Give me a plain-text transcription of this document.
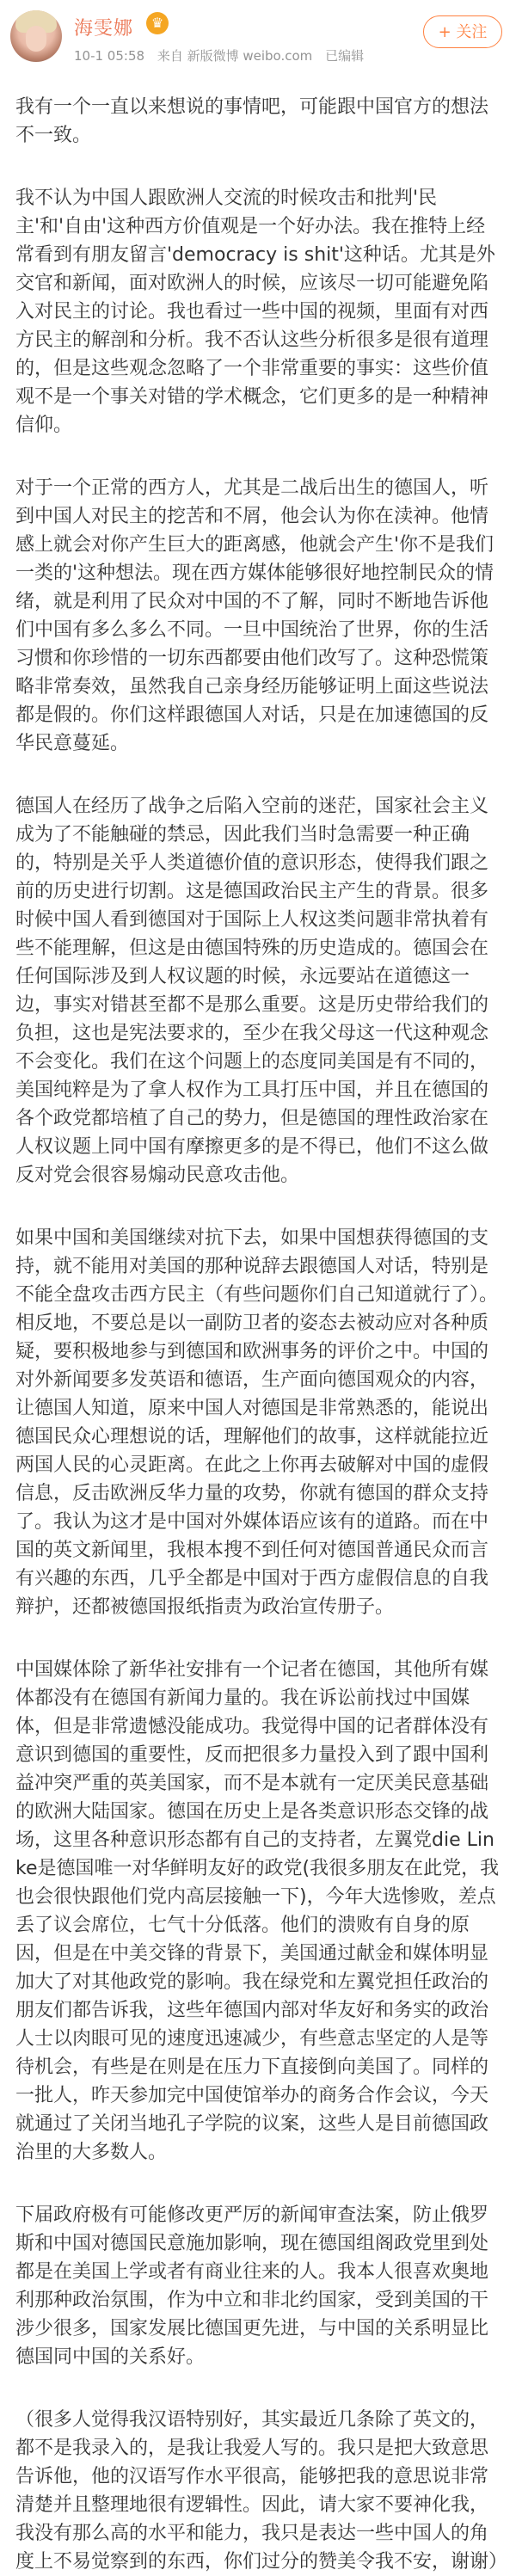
海雯娜	♛
10-1 05:58 来自 新版微博 weibo.com 已编辑
+ 关注

我有一个一直以来想说的事情吧，可能跟中国官方的想法不一致。

我不认为中国人跟欧洲人交流的时候攻击和批判'民主'和'自由'这种西方价值观是一个好办法。我在推特上经常看到有朋友留言'democracy is shit'这种话。尤其是外交官和新闻，面对欧洲人的时候，应该尽一切可能避免陷入对民主的讨论。我也看过一些中国的视频，里面有对西方民主的解剖和分析。我不否认这些分析很多是很有道理的，但是这些观念忽略了一个非常重要的事实：这些价值观不是一个事关对错的学术概念，它们更多的是一种精神信仰。

对于一个正常的西方人，尤其是二战后出生的德国人，听到中国人对民主的挖苦和不屑，他会认为你在渎神。他情感上就会对你产生巨大的距离感，他就会产生'你不是我们一类的'这种想法。现在西方媒体能够很好地控制民众的情绪，就是利用了民众对中国的不了解，同时不断地告诉他们中国有多么多么不同。一旦中国统治了世界，你的生活习惯和你珍惜的一切东西都要由他们改写了。这种恐慌策略非常奏效，虽然我自己亲身经历能够证明上面这些说法都是假的。你们这样跟德国人对话，只是在加速德国的反华民意蔓延。

德国人在经历了战争之后陷入空前的迷茫，国家社会主义成为了不能触碰的禁忌，因此我们当时急需要一种正确的，特别是关乎人类道德价值的意识形态，使得我们跟之前的历史进行切割。这是德国政治民主产生的背景。很多时候中国人看到德国对于国际上人权这类问题非常执着有些不能理解，但这是由德国特殊的历史造成的。德国会在任何国际涉及到人权议题的时候，永远要站在道德这一边，事实对错甚至都不是那么重要。这是历史带给我们的负担，这也是宪法要求的，至少在我父母这一代这种观念不会变化。我们在这个问题上的态度同美国是有不同的，美国纯粹是为了拿人权作为工具打压中国，并且在德国的各个政党都培植了自己的势力，但是德国的理性政治家在人权议题上同中国有摩擦更多的是不得已，他们不这么做反对党会很容易煽动民意攻击他。

如果中国和美国继续对抗下去，如果中国想获得德国的支持，就不能用对美国的那种说辞去跟德国人对话，特别是不能全盘攻击西方民主（有些问题你们自己知道就行了）。相反地，不要总是以一副防卫者的姿态去被动应对各种质疑，要积极地参与到德国和欧洲事务的评价之中。中国的对外新闻要多发英语和德语，生产面向德国观众的内容，让德国人知道，原来中国人对德国是非常熟悉的，能说出德国民众心理想说的话，理解他们的故事，这样就能拉近两国人民的心灵距离。在此之上你再去破解对中国的虚假信息，反击欧洲反华力量的攻势，你就有德国的群众支持了。我认为这才是中国对外媒体语应该有的道路。而在中国的英文新闻里，我根本搜不到任何对德国普通民众而言有兴趣的东西，几乎全都是中国对于西方虚假信息的自我辩护，还都被德国报纸指责为政治宣传册子。

中国媒体除了新华社安排有一个记者在德国，其他所有媒体都没有在德国有新闻力量的。我在诉讼前找过中国媒体，但是非常遗憾没能成功。我觉得中国的记者群体没有意识到德国的重要性，反而把很多力量投入到了跟中国利益冲突严重的英美国家，而不是本就有一定厌美民意基础的欧洲大陆国家。德国在历史上是各类意识形态交锋的战场，这里各种意识形态都有自己的支持者，左翼党die Linke是德国唯一对华鲜明友好的政党(我很多朋友在此党，我也会很快跟他们党内高层接触一下)，今年大选惨败，差点丢了议会席位，七气十分低落。他们的溃败有自身的原因，但是在中美交锋的背景下，美国通过献金和媒体明显加大了对其他政党的影响。我在绿党和左翼党担任政治的朋友们都告诉我，这些年德国内部对华友好和务实的政治人士以肉眼可见的速度迅速减少，有些意志坚定的人是等待机会，有些是在则是在压力下直接倒向美国了。同样的一批人，昨天参加完中国使馆举办的商务合作会议，今天就通过了关闭当地孔子学院的议案，这些人是目前德国政治里的大多数人。

下届政府极有可能修改更严厉的新闻审查法案，防止俄罗斯和中国对德国民意施加影响，现在德国组阁政党里到处都是在美国上学或者有商业往来的人。我本人很喜欢奥地利那种政治氛围，作为中立和非北约国家，受到美国的干涉少很多，国家发展比德国更先进，与中国的关系明显比德国同中国的关系好。

（很多人觉得我汉语特别好，其实最近几条除了英文的，都不是我录入的，是我让我爱人写的。我只是把大致意思告诉他，他的汉语写作水平很高，能够把我的意思说非常清楚并且整理地很有逻辑性。因此，请大家不要神化我，我没有那么高的水平和能力，我只是表达一些中国人的角度上不易觉察到的东西，你们过分的赞美令我不安，谢谢）
